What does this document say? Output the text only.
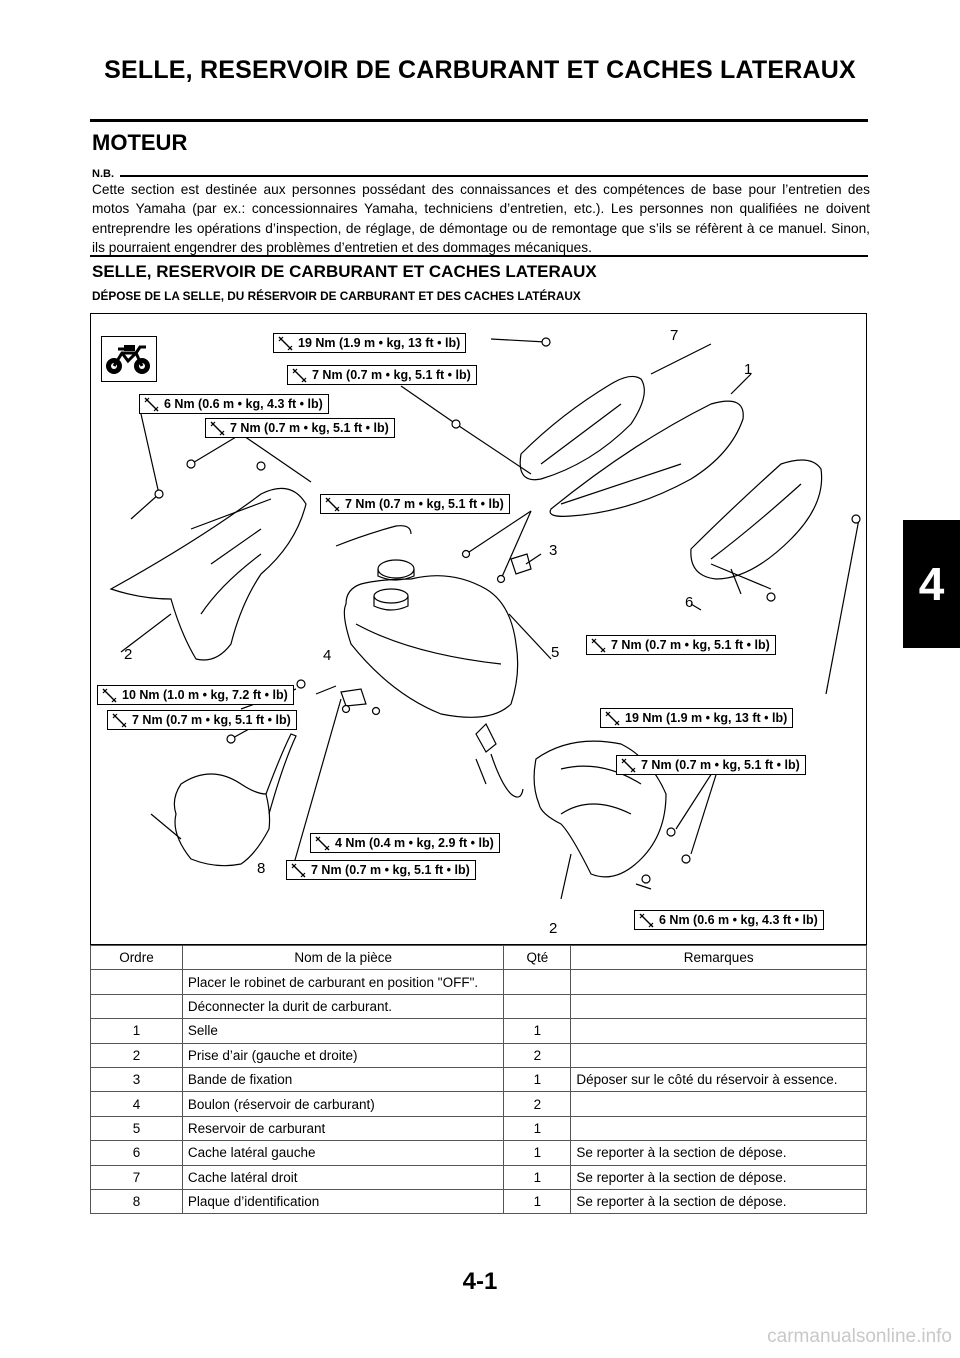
SELLE, RESERVOIR DE CARBURANT ET CACHES LATERAUX
MOTEUR
N.B.
Cette section est destinée aux personnes possédant des connaissances et des compétences de base pour l’entretien des motos Yamaha (par ex.: concessionnaires Yamaha, techniciens d’entretien, etc.). Les personnes non qualifiées ne doivent entreprendre les opérations d’inspection, de réglage, de démontage ou de remontage que s’ils se réfèrent à ce manuel. Sinon, ils pourraient engendrer des problèmes d’entretien et des dommages mécaniques.
SELLE, RESERVOIR DE CARBURANT ET CACHES LATERAUX
DÉPOSE DE LA SELLE, DU RÉSERVOIR DE CARBURANT ET DES CACHES LATÉRAUX
19 Nm (1.9 m • kg, 13 ft • lb)
7 Nm (0.7 m • kg, 5.1 ft • lb)
6 Nm (0.6 m • kg, 4.3 ft • lb)
7 Nm (0.7 m • kg, 5.1 ft • lb)
7 Nm (0.7 m • kg, 5.1 ft • lb)
7 Nm (0.7 m • kg, 5.1 ft • lb)
10 Nm (1.0 m • kg, 7.2 ft • lb)
7 Nm (0.7 m • kg, 5.1 ft • lb)	19 Nm (1.9 m • kg, 13 ft • lb)
7 Nm (0.7 m • kg, 5.1 ft • lb)
4 Nm (0.4 m • kg, 2.9 ft • lb)
7 Nm (0.7 m • kg, 5.1 ft • lb)
6 Nm (0.6 m • kg, 4.3 ft • lb)
7
1
3
6
5
2	4
8
2
Ordre	Nom de la pièce	Qté	Remarques
	Placer le robinet de carburant en position "OFF".		
	Déconnecter la durit de carburant.		
1	Selle	1	
2	Prise d’air (gauche et droite)	2	
3	Bande de fixation	1	Déposer sur le côté du réservoir à essence.
4	Boulon (réservoir de carburant)	2	
5	Reservoir de carburant	1	
6	Cache latéral gauche	1	Se reporter à la section de dépose.
7	Cache latéral droit	1	Se reporter à la section de dépose.
8	Plaque d’identification	1	Se reporter à la section de dépose.
4
4-1
carmanualsonline.info
